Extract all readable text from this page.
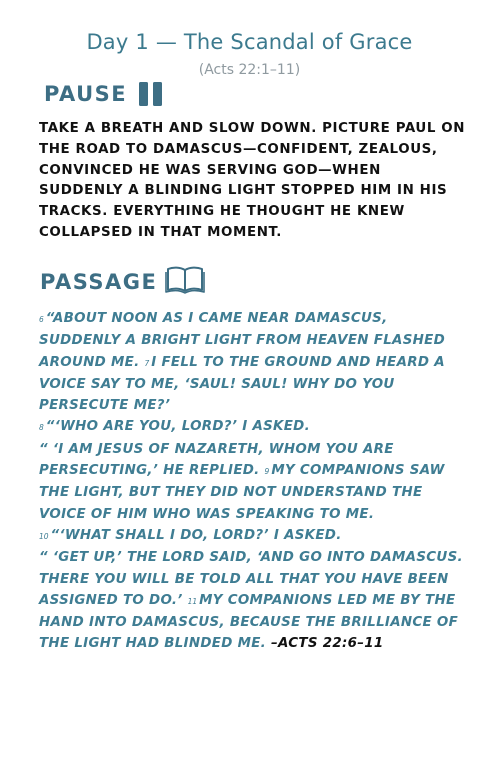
Day 1 — The Scandal of Grace
(Acts 22:1–11)
PAUSE

TAKE A BREATH AND SLOW DOWN. PICTURE PAUL ON THE ROAD TO DAMASCUS—CONFIDENT, ZEALOUS, CONVINCED HE WAS SERVING GOD—WHEN SUDDENLY A BLINDING LIGHT STOPPED HIM IN HIS TRACKS. EVERYTHING HE THOUGHT HE KNEW COLLAPSED IN THAT MOMENT.

PASSAGE

6 “ABOUT NOON AS I CAME NEAR DAMASCUS, SUDDENLY A BRIGHT LIGHT FROM HEAVEN FLASHED AROUND ME. 7 I FELL TO THE GROUND AND HEARD A VOICE SAY TO ME, ‘SAUL! SAUL! WHY DO YOU PERSECUTE ME?’
8 “‘WHO ARE YOU, LORD?’ I ASKED.
“ ‘I AM JESUS OF NAZARETH, WHOM YOU ARE PERSECUTING,’ HE REPLIED. 9 MY COMPANIONS SAW THE LIGHT, BUT THEY DID NOT UNDERSTAND THE VOICE OF HIM WHO WAS SPEAKING TO ME.
10 “‘WHAT SHALL I DO, LORD?’ I ASKED.
“ ‘GET UP,’ THE LORD SAID, ‘AND GO INTO DAMASCUS. THERE YOU WILL BE TOLD ALL THAT YOU HAVE BEEN ASSIGNED TO DO.’ 11 MY COMPANIONS LED ME BY THE HAND INTO DAMASCUS, BECAUSE THE BRILLIANCE OF THE LIGHT HAD BLINDED ME. –ACTS 22:6–11
